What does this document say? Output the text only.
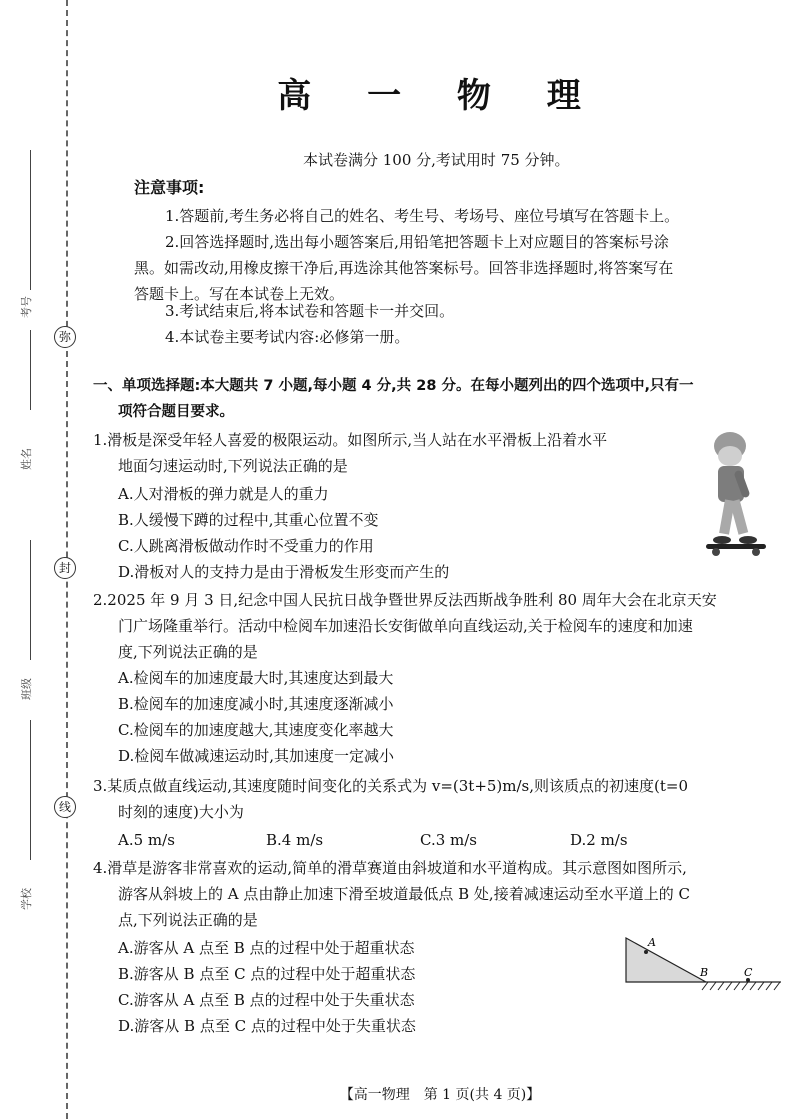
考号
姓名
班级
学校
弥
封
线
高 一 物 理
本试卷满分 100 分,考试用时 75 分钟。
注意事项:
1.答题前,考生务必将自己的姓名、考生号、考场号、座位号填写在答题卡上。
2.回答选择题时,选出每小题答案后,用铅笔把答题卡上对应题目的答案标号涂
黑。如需改动,用橡皮擦干净后,再选涂其他答案标号。回答非选择题时,将答案写在
答题卡上。写在本试卷上无效。
3.考试结束后,将本试卷和答题卡一并交回。
4.本试卷主要考试内容:必修第一册。
一、单项选择题:本大题共 7 小题,每小题 4 分,共 28 分。在每小题列出的四个选项中,只有一
项符合题目要求。
1.滑板是深受年轻人喜爱的极限运动。如图所示,当人站在水平滑板上沿着水平
地面匀速运动时,下列说法正确的是
A.人对滑板的弹力就是人的重力
B.人缓慢下蹲的过程中,其重心位置不变
C.人跳离滑板做动作时不受重力的作用
D.滑板对人的支持力是由于滑板发生形变而产生的
2.2025 年 9 月 3 日,纪念中国人民抗日战争暨世界反法西斯战争胜利 80 周年大会在北京天安
门广场隆重举行。活动中检阅车加速沿长安街做单向直线运动,关于检阅车的速度和加速
度,下列说法正确的是
A.检阅车的加速度最大时,其速度达到最大
B.检阅车的加速度减小时,其速度逐渐减小
C.检阅车的加速度越大,其速度变化率越大
D.检阅车做减速运动时,其加速度一定减小
3.某质点做直线运动,其速度随时间变化的关系式为 v=(3t+5)m/s,则该质点的初速度(t=0
时刻的速度)大小为
A.5 m/s	B.4 m/s	C.3 m/s	D.2 m/s
4.滑草是游客非常喜欢的运动,简单的滑草赛道由斜坡道和水平道构成。其示意图如图所示,
游客从斜坡上的 A 点由静止加速下滑至坡道最低点 B 处,接着减速运动至水平道上的 C
点,下列说法正确的是
A.游客从 A 点至 B 点的过程中处于超重状态
B.游客从 B 点至 C 点的过程中处于超重状态
C.游客从 A 点至 B 点的过程中处于失重状态
D.游客从 B 点至 C 点的过程中处于失重状态
A
B	C
【高一物理　第 1 页(共 4 页)】
